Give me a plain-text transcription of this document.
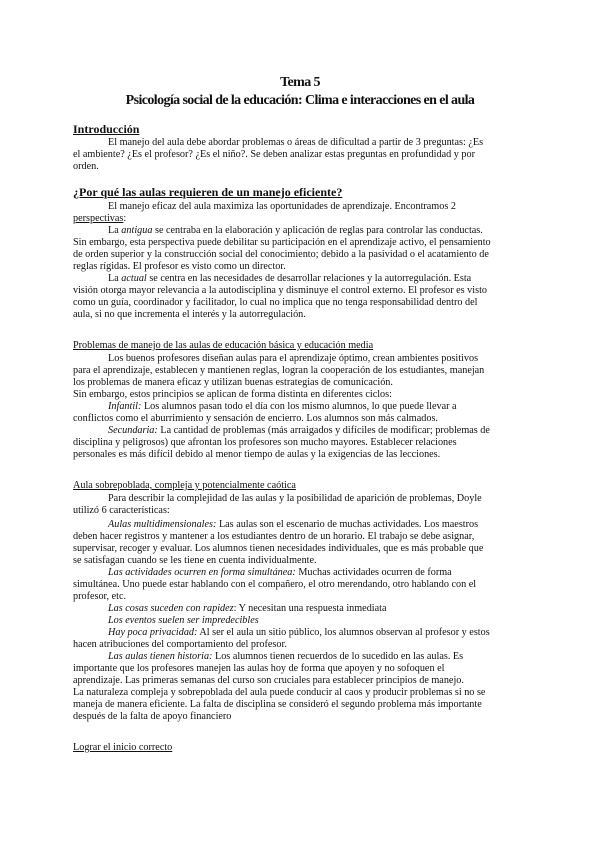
Tema 5
Psicología social de la educación: Clima e interacciones en el aula
Introducción
El manejo del aula debe abordar problemas o áreas de dificultad a partir de 3 preguntas: ¿Es
el ambiente? ¿Es el profesor? ¿Es el niño?. Se deben analizar estas preguntas en profundidad y por
orden.
¿Por qué las aulas requieren de un manejo eficiente?
El manejo eficaz del aula maximiza las oportunidades de aprendizaje. Encontramos 2
perspectivas:
La antigua se centraba en la elaboración y aplicación de reglas para controlar las conductas.
Sin embargo, esta perspectiva puede debilitar su participación en el aprendizaje activo, el pensamiento
de orden superior y la construcción social del conocimiento; debido a la pasividad o el acatamiento de
reglas rígidas. El profesor es visto como un director.
La actual se centra en las necesidades de desarrollar relaciones y la autorregulación. Esta
visión otorga mayor relevancia a la autodisciplina y disminuye el control externo. El profesor es visto
como un guía, coordinador y facilitador, lo cual no implica que no tenga responsabilidad dentro del
aula, si no que incrementa el interés y la autorregulación.
Problemas de manejo de las aulas de educación básica y educación media
Los buenos profesores diseñan aulas para el aprendizaje óptimo, crean ambientes positivos
para el aprendizaje, establecen y mantienen reglas, logran la cooperación de los estudiantes, manejan
los problemas de manera eficaz y utilizan buenas estrategias de comunicación.
Sin embargo, estos principios se aplican de forma distinta en diferentes ciclos:
Infantil: Los alumnos pasan todo el día con los mismo alumnos, lo que puede llevar a
conflictos como el aburrimiento y sensación de encierro. Los alumnos son más calmados.
Secundaria: La cantidad de problemas (más arraigados y difíciles de modificar; problemas de
disciplina y peligrosos) que afrontan los profesores son mucho mayores. Establecer relaciones
personales es más difícil debido al menor tiempo de aulas y la exigencias de las lecciones.
Aula sobrepoblada, compleja y potencialmente caótica
Para describir la complejidad de las aulas y la posibilidad de aparición de problemas, Doyle
utilizó 6 características:
Aulas multidimensionales: Las aulas son el escenario de muchas actividades. Los maestros
deben hacer registros y mantener a los estudiantes dentro de un horario. El trabajo se debe asignar,
supervisar, recoger y evaluar. Los alumnos tienen necesidades individuales, que es más probable que
se satisfagan cuando se les tiene en cuenta individualmente.
Las actividades ocurren en forma simultánea: Muchas actividades ocurren de forma
simultánea. Uno puede estar hablando con el compañero, el otro merendando, otro hablando con el
profesor, etc.
Las cosas suceden con rapidez: Y necesitan una respuesta inmediata
Los eventos suelen ser impredecibles
Hay poca privacidad: Al ser el aula un sitio público, los alumnos observan al profesor y estos
hacen atribuciones del comportamiento del profesor.
Las aulas tienen historia: Los alumnos tienen recuerdos de lo sucedido en las aulas. Es
importante que los profesores manejen las aulas hoy de forma que apoyen y no sofoquen el
aprendizaje. Las primeras semanas del curso son cruciales para establecer principios de manejo.
La naturaleza compleja y sobrepoblada del aula puede conducir al caos y producir problemas si no se
maneja de manera eficiente. La falta de disciplina se consideró el segundo problema más importante
después de la falta de apoyo financiero
Lograr el inicio correcto
